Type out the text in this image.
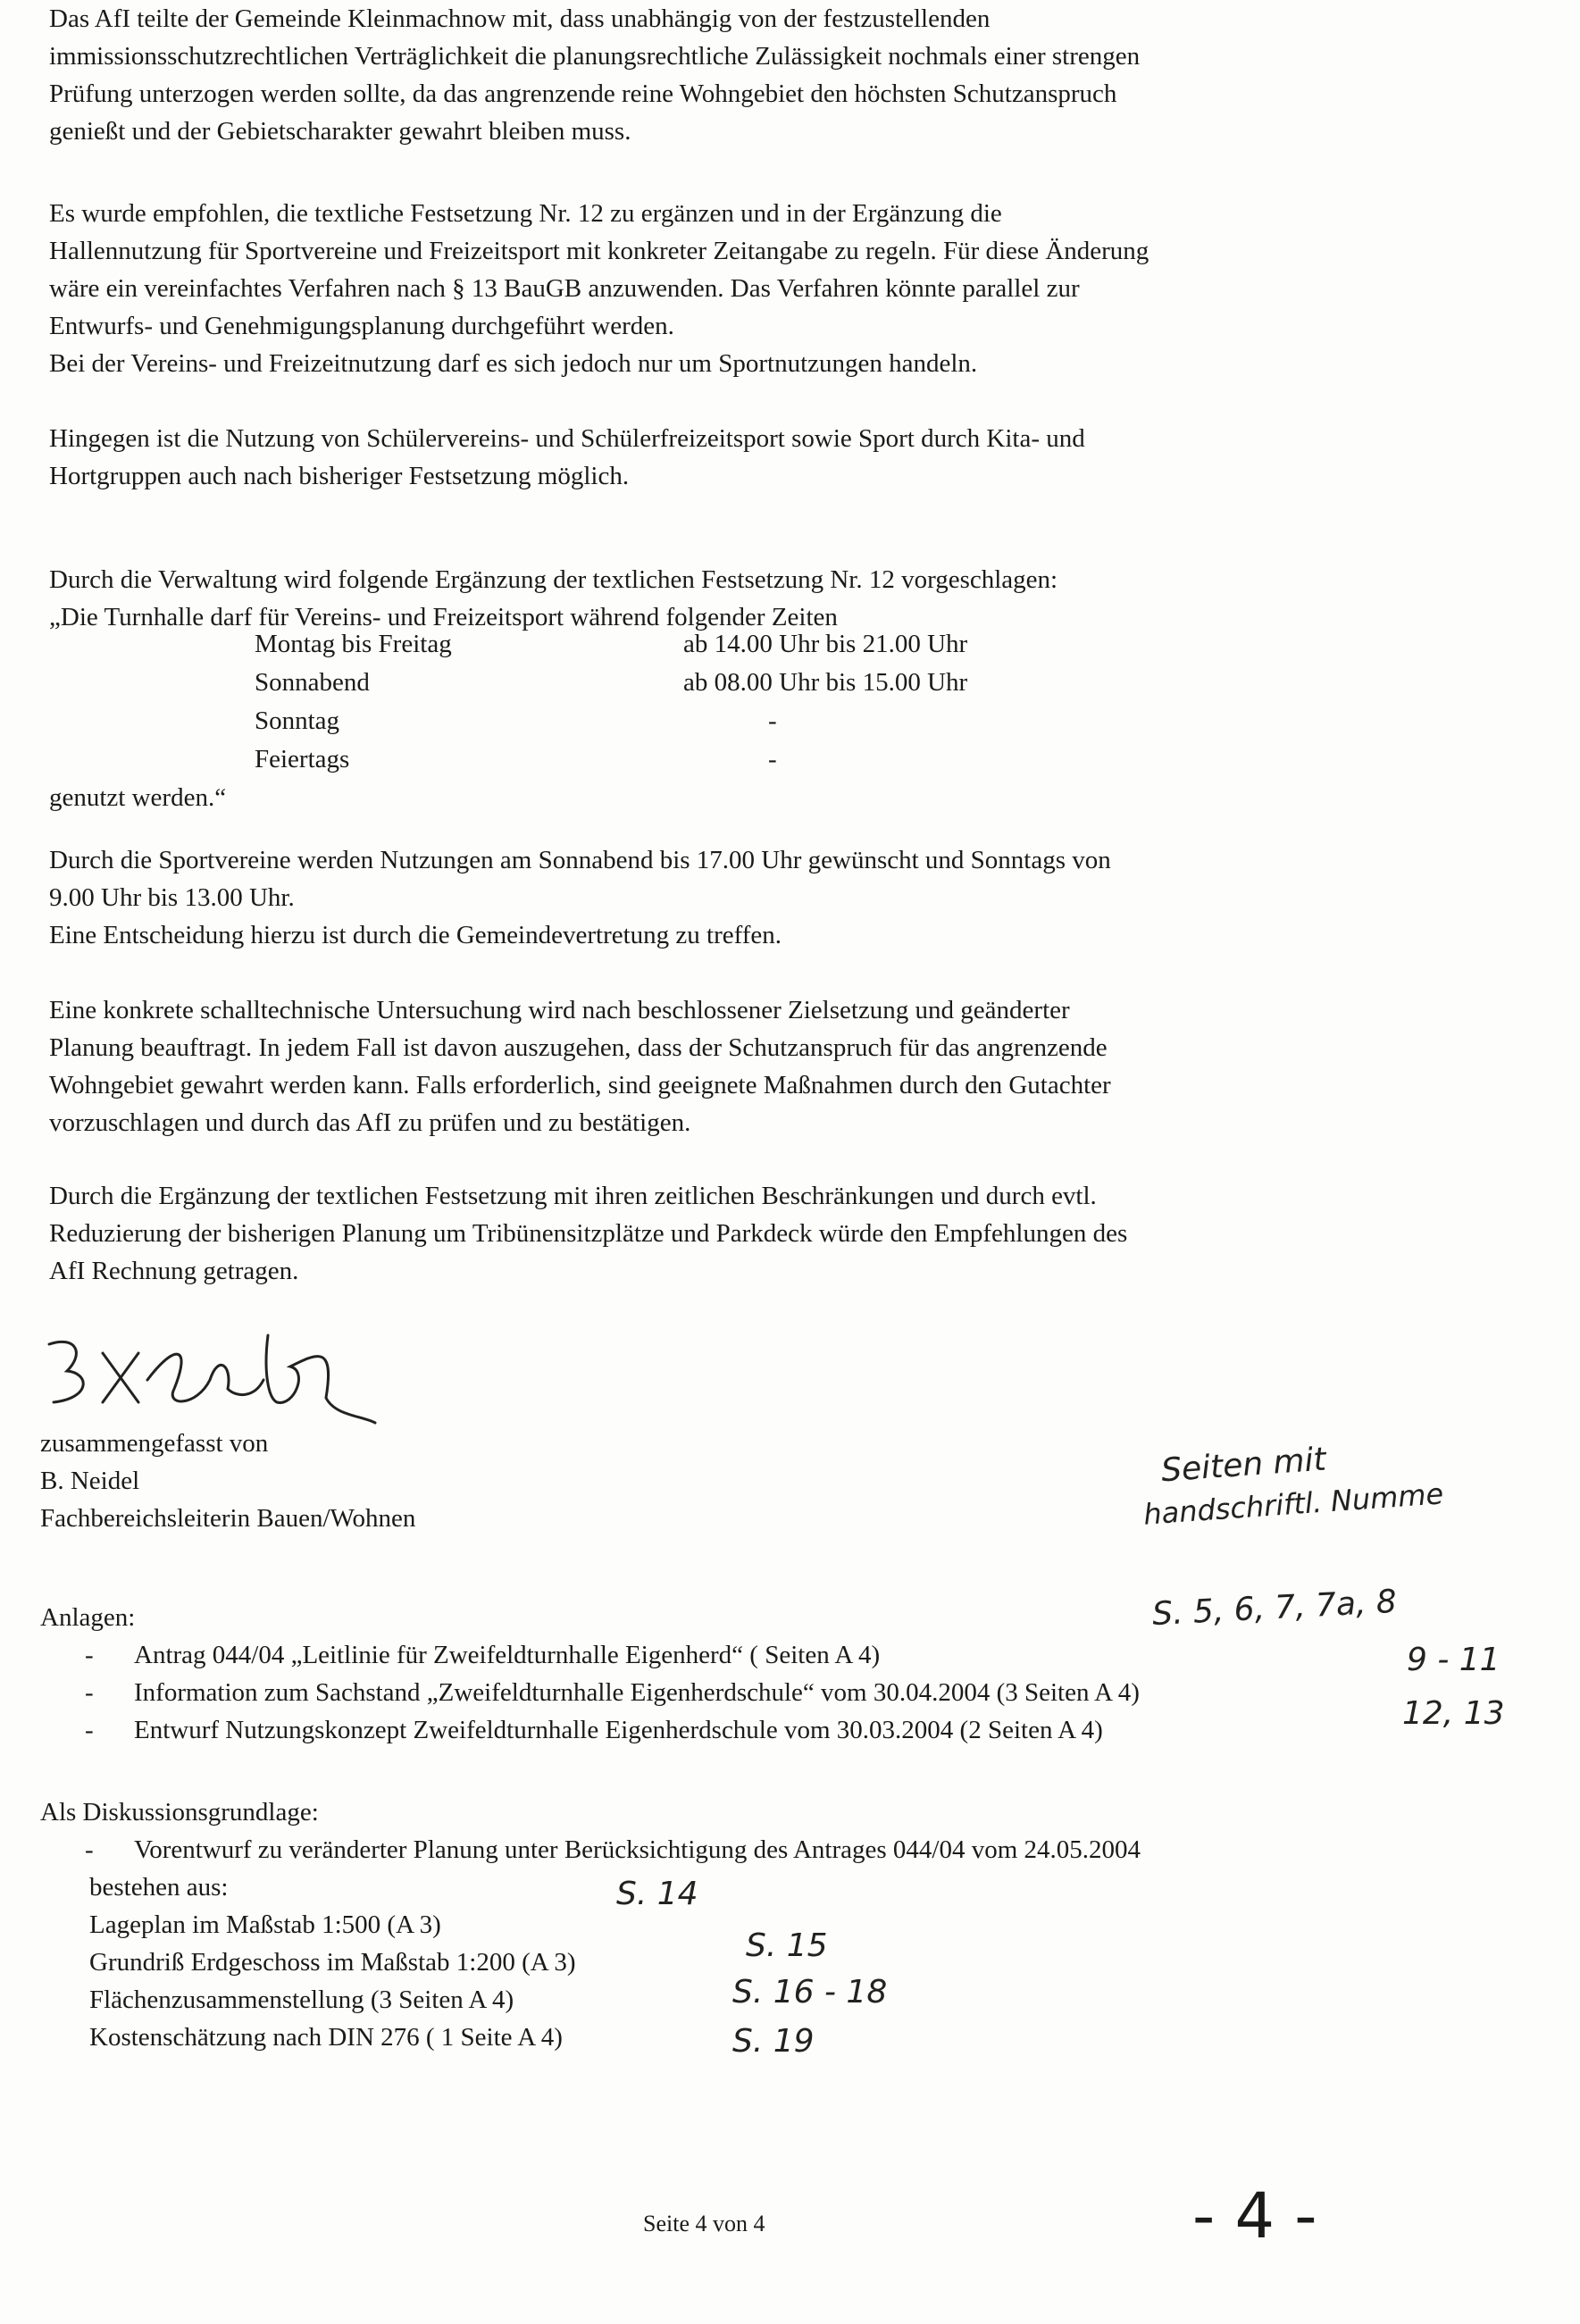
Das AfI teilte der Gemeinde Kleinmachnow mit, dass unabhängig von der festzustellenden
immissionsschutzrechtlichen Verträglichkeit die planungsrechtliche Zulässigkeit nochmals einer strengen
Prüfung unterzogen werden sollte, da das angrenzende reine Wohngebiet den höchsten Schutzanspruch
genießt und der Gebietscharakter gewahrt bleiben muss.
Es wurde empfohlen, die textliche Festsetzung Nr. 12 zu ergänzen und in der Ergänzung die
Hallennutzung für Sportvereine und Freizeitsport mit konkreter Zeitangabe zu regeln. Für diese Änderung
wäre ein vereinfachtes Verfahren nach § 13 BauGB anzuwenden. Das Verfahren könnte parallel zur
Entwurfs- und Genehmigungsplanung durchgeführt werden.
Bei der Vereins- und Freizeitnutzung darf es sich jedoch nur um Sportnutzungen handeln.
Hingegen ist die Nutzung von Schülervereins- und Schülerfreizeitsport sowie Sport durch Kita- und
Hortgruppen auch nach bisheriger Festsetzung möglich.
Durch die Verwaltung wird folgende Ergänzung der textlichen Festsetzung Nr. 12 vorgeschlagen:
„Die Turnhalle darf für Vereins- und Freizeitsport während folgender Zeiten
Montag bis Freitag	ab 14.00 Uhr bis 21.00 Uhr
Sonnabend	ab 08.00 Uhr bis 15.00 Uhr
Sonntag	-
Feiertags	-
genutzt werden.“
Durch die Sportvereine werden Nutzungen am Sonnabend bis 17.00 Uhr gewünscht und Sonntags von
9.00 Uhr bis 13.00 Uhr.
Eine Entscheidung hierzu ist durch die Gemeindevertretung zu treffen.
Eine konkrete schalltechnische Untersuchung wird nach beschlossener Zielsetzung und geänderter
Planung beauftragt. In jedem Fall ist davon auszugehen, dass der Schutzanspruch für das angrenzende
Wohngebiet gewahrt werden kann. Falls erforderlich, sind geeignete Maßnahmen durch den Gutachter
vorzuschlagen und durch das AfI zu prüfen und zu bestätigen.
Durch die Ergänzung der textlichen Festsetzung mit ihren zeitlichen Beschränkungen und durch evtl.
Reduzierung der bisherigen Planung um Tribünensitzplätze und Parkdeck würde den Empfehlungen des
AfI Rechnung getragen.
zusammengefasst von
B. Neidel
Fachbereichsleiterin Bauen/Wohnen
Seiten mit
handschriftl. Numme
Anlagen:
- Antrag 044/04 „Leitlinie für Zweifeldturnhalle Eigenherd“ ( Seiten A 4)
- Information zum Sachstand „Zweifeldturnhalle Eigenherdschule“ vom 30.04.2004 (3 Seiten A 4)
- Entwurf Nutzungskonzept Zweifeldturnhalle Eigenherdschule vom 30.03.2004 (2 Seiten A 4)
S. 5, 6, 7, 7a, 8
9 - 11
12, 13
Als Diskussionsgrundlage:
- Vorentwurf zu veränderter Planung unter Berücksichtigung des Antrages 044/04 vom 24.05.2004
bestehen aus:
Lageplan im Maßstab 1:500 (A 3)
Grundriß Erdgeschoss im Maßstab 1:200 (A 3)
Flächenzusammenstellung (3 Seiten A 4)
Kostenschätzung nach DIN 276 ( 1 Seite A 4)
S. 14
S. 15
S. 16 - 18
S. 19
Seite 4 von 4	- 4 -
